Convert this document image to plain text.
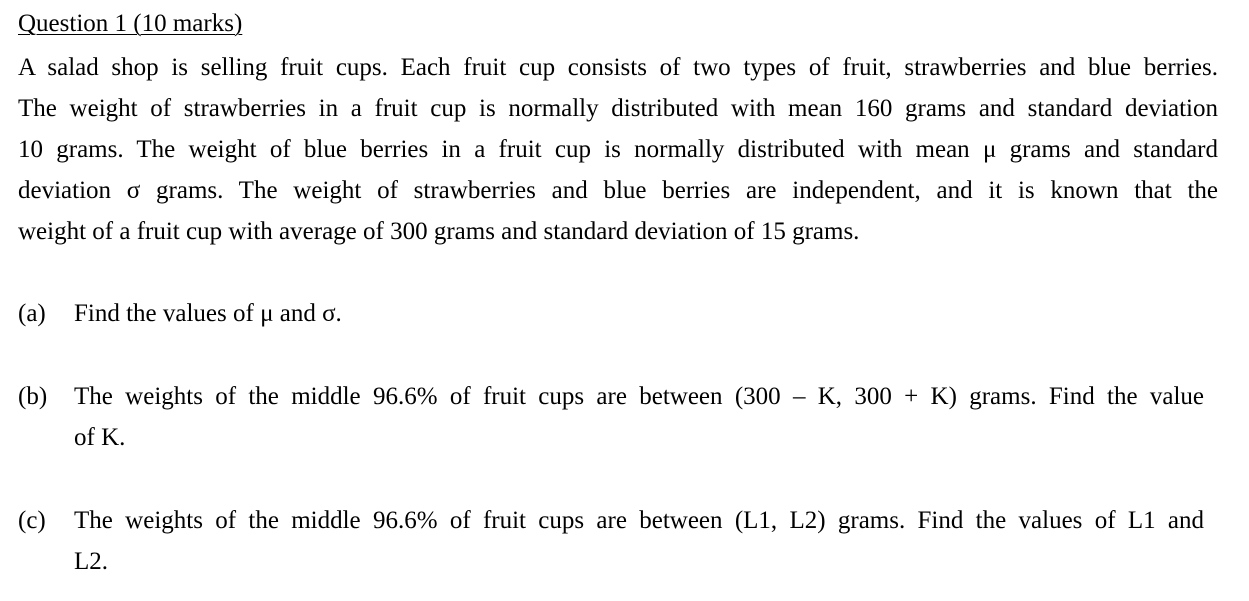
Question 1 (10 marks)
A salad shop is selling fruit cups. Each fruit cup consists of two types of fruit, strawberries and blue berries.
The weight of strawberries in a fruit cup is normally distributed with mean 160 grams and standard deviation
10 grams. The weight of blue berries in a fruit cup is normally distributed with mean μ grams and standard
deviation σ grams. The weight of strawberries and blue berries are independent, and it is known that the
weight of a fruit cup with average of 300 grams and standard deviation of 15 grams.
(a) Find the values of μ and σ.
(b) The weights of the middle 96.6% of fruit cups are between (300 – K, 300 + K) grams. Find the value
of K.
(c) The weights of the middle 96.6% of fruit cups are between (L1, L2) grams. Find the values of L1 and
L2.
